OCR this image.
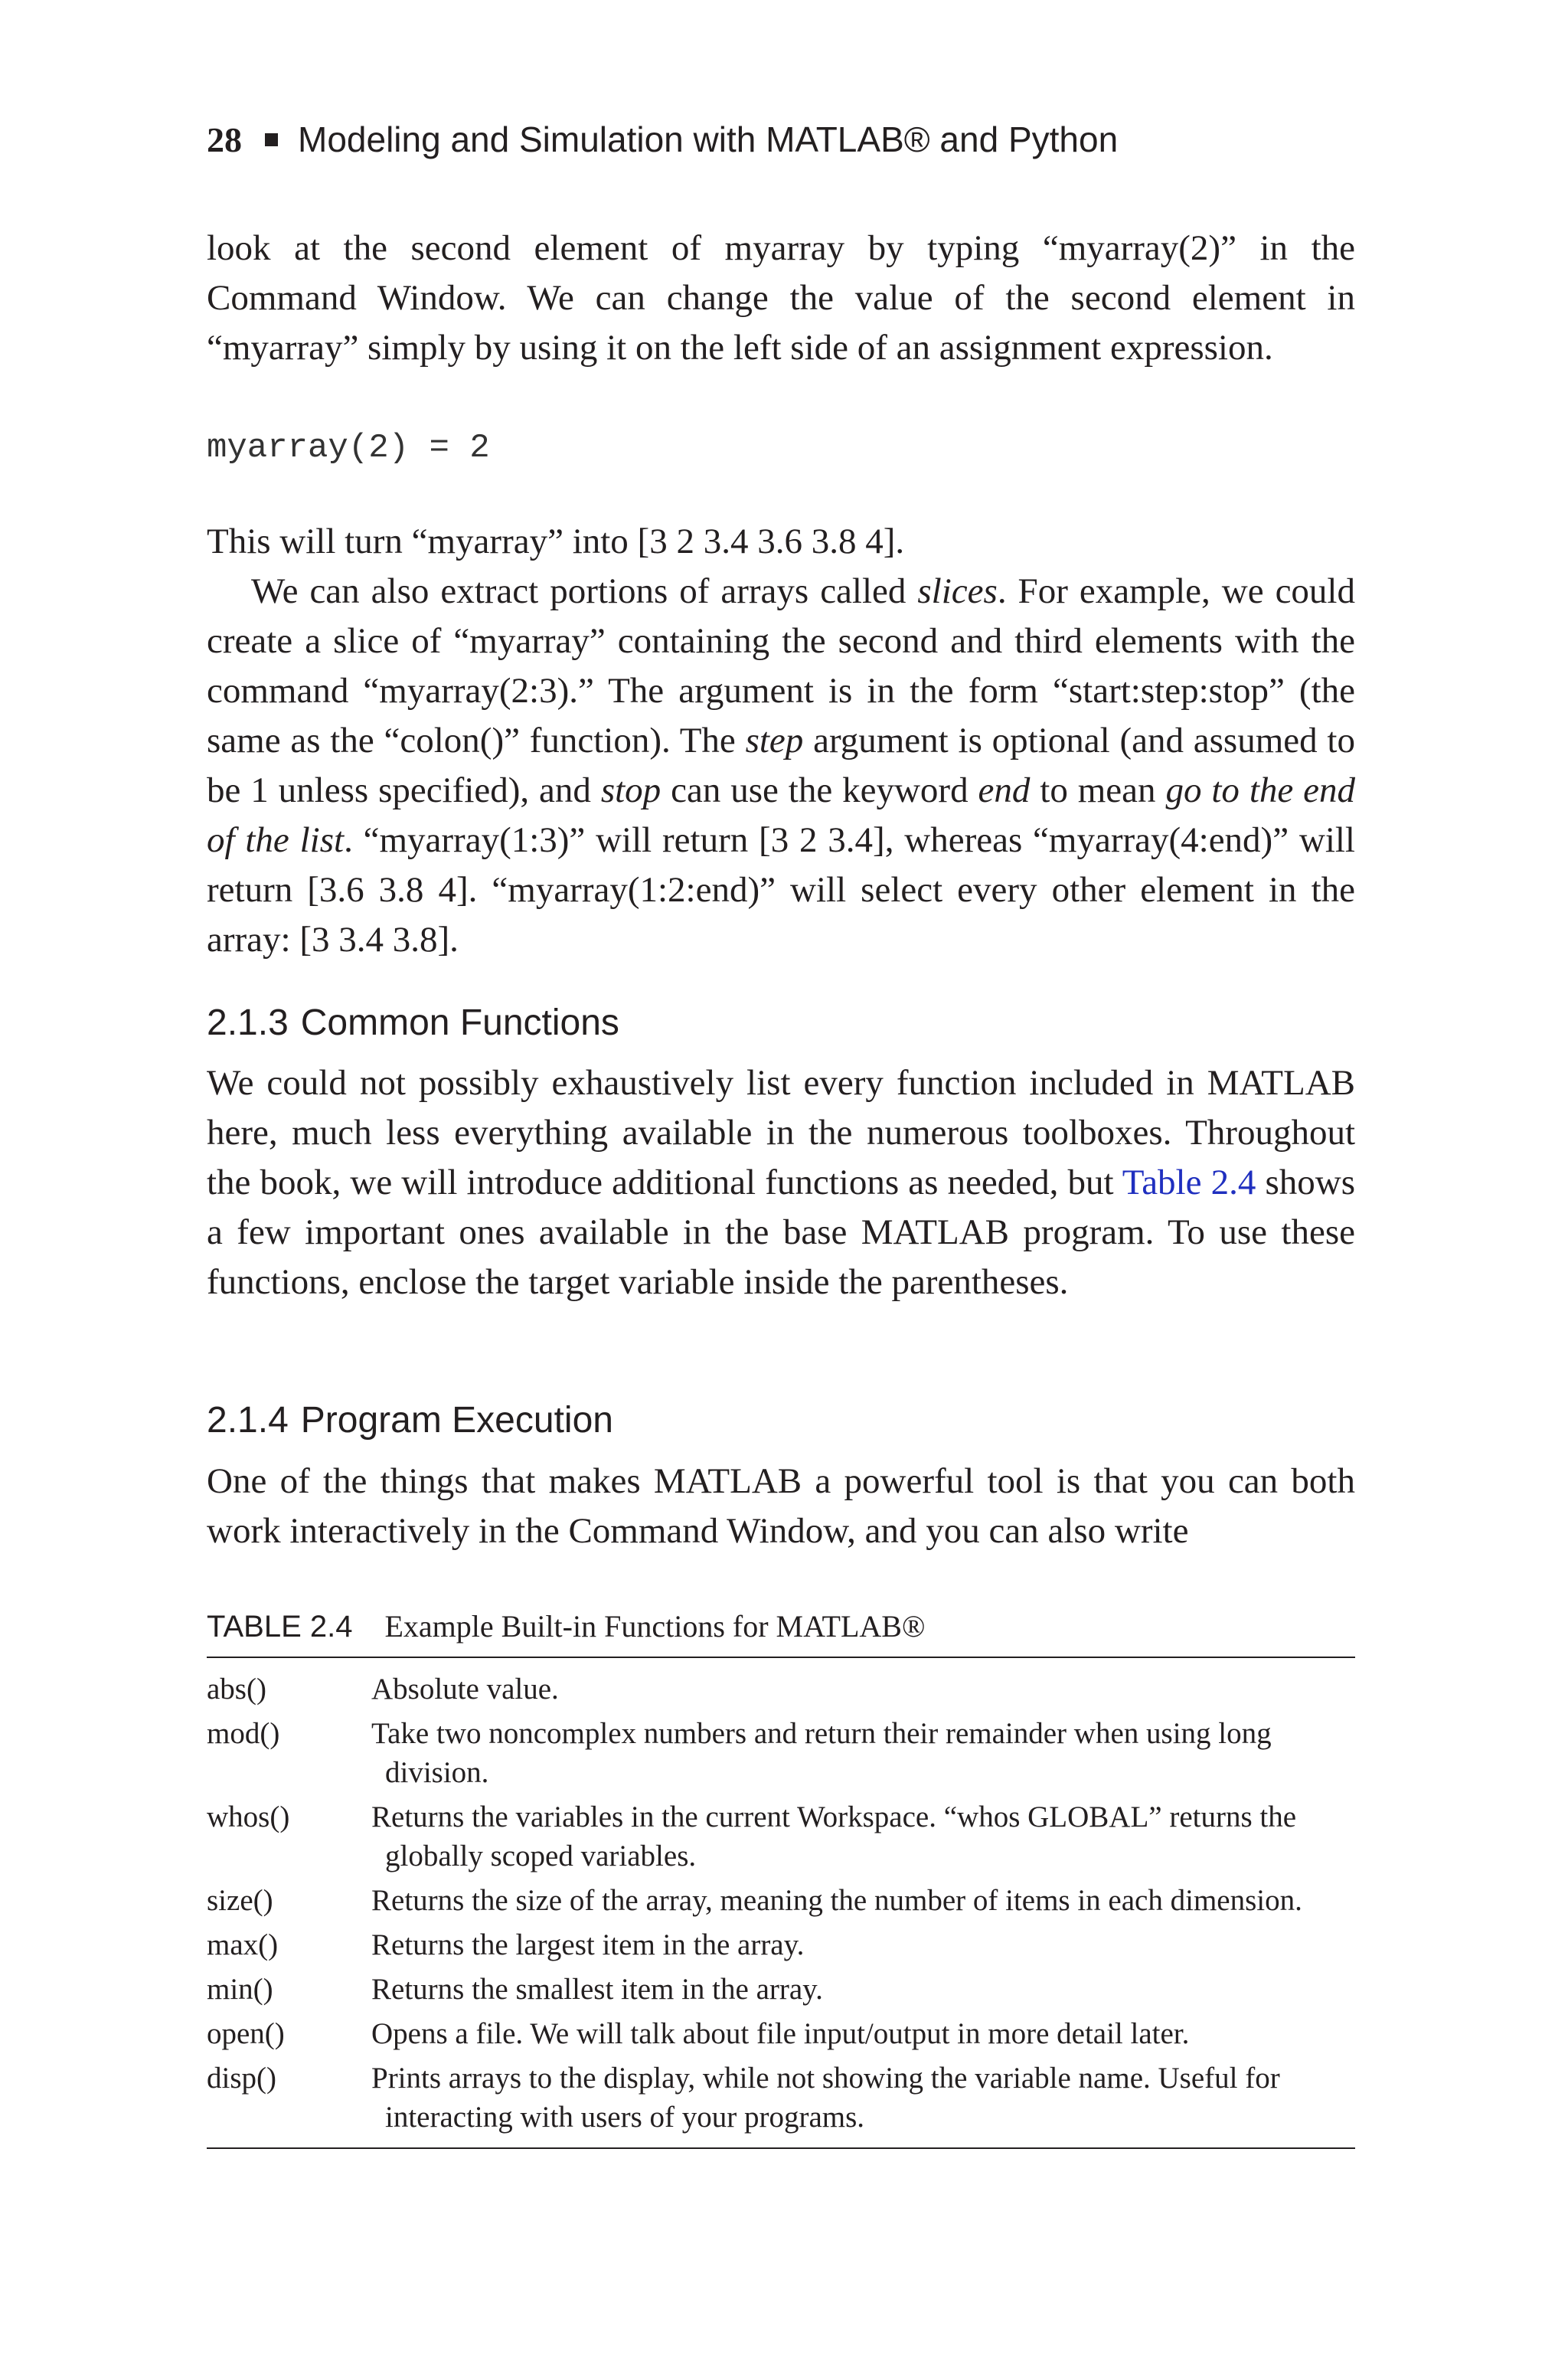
28 Modeling and Simulation with MATLAB® and Python

look at the second element of myarray by typing “myarray(2)” in the Command Window. We can change the value of the second element in “myarray” simply by using it on the left side of an assignment expression.

myarray(2) = 2

This will turn “myarray” into [3 2 3.4 3.6 3.8 4].

We can also extract portions of arrays called slices. For example, we could create a slice of “myarray” containing the second and third elements with the command “myarray(2:3).” The argument is in the form “start:step:stop” (the same as the “colon()” function). The step argument is optional (and assumed to be 1 unless specified), and stop can use the keyword end to mean go to the end of the list. “myarray(1:3)” will return [3 2 3.4], whereas “myarray(4:end)” will return [3.6 3.8 4]. “myarray(1:2:end)” will select every other element in the array: [3 3.4 3.8].

2.1.3 Common Functions

We could not possibly exhaustively list every function included in MATLAB here, much less everything available in the numerous toolboxes. Throughout the book, we will introduce additional functions as needed, but Table 2.4 shows a few important ones available in the base MATLAB program. To use these functions, enclose the target variable inside the parentheses.

2.1.4 Program Execution

One of the things that makes MATLAB a powerful tool is that you can both work interactively in the Command Window, and you can also write

TABLE 2.4 Example Built-in Functions for MATLAB®
abs()	Absolute value.
mod()	Take two noncomplex numbers and return their remainder when using long division.
whos()	Returns the variables in the current Workspace. “whos GLOBAL” returns the globally scoped variables.
size()	Returns the size of the array, meaning the number of items in each dimension.
max()	Returns the largest item in the array.
min()	Returns the smallest item in the array.
open()	Opens a file. We will talk about file input/output in more detail later.
disp()	Prints arrays to the display, while not showing the variable name. Useful for interacting with users of your programs.
